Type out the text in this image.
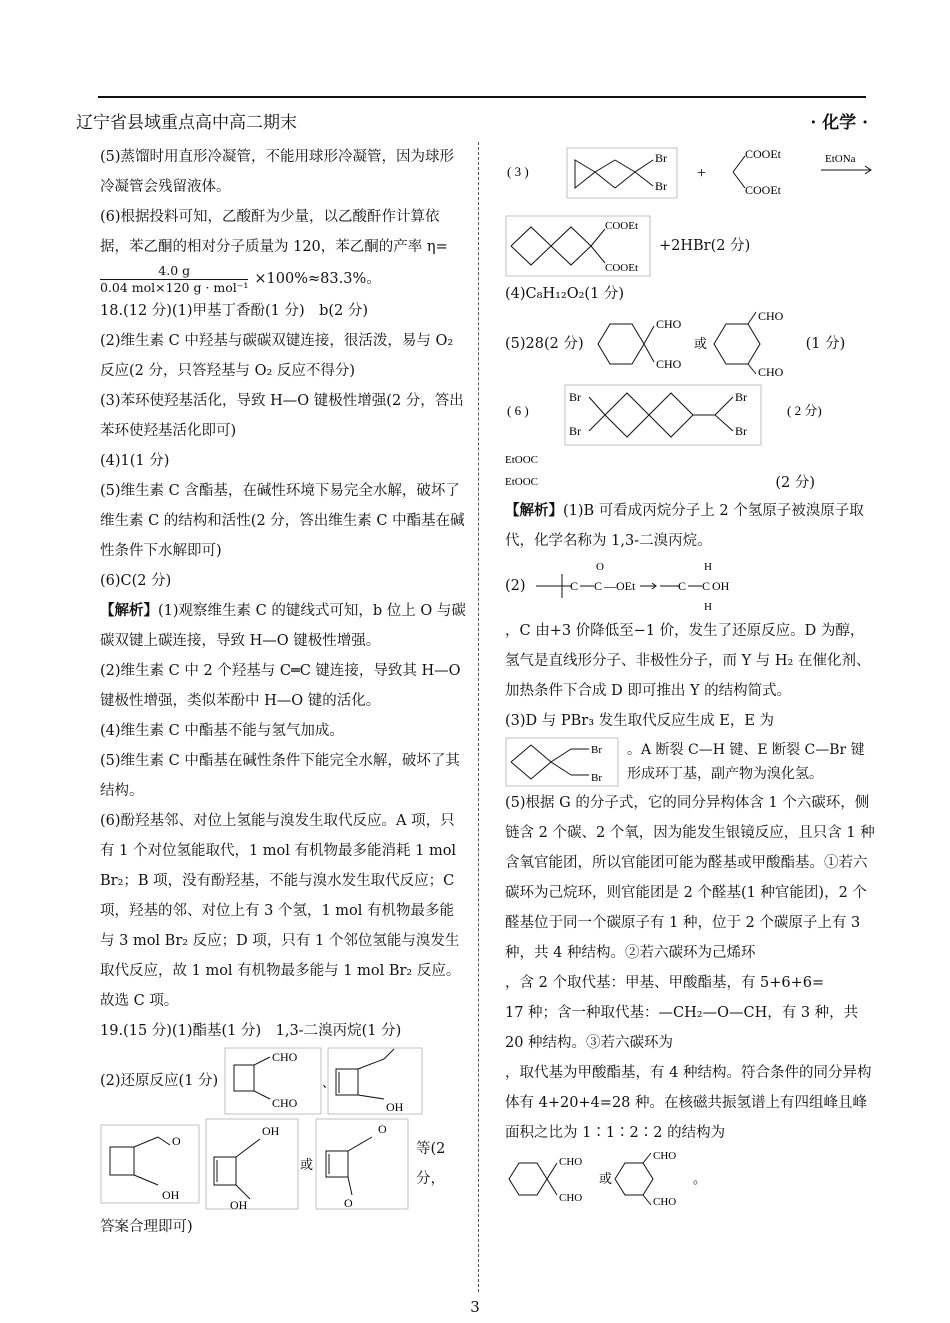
辽宁省县域重点高中高二期末	· 化学 ·

(5)蒸馏时用直形冷凝管，不能用球形冷凝管，因为球形冷凝管会残留液体。

(6)根据投料可知，乙酸酐为少量，以乙酸酐作计算依据，苯乙酮的相对分子质量为 120，苯乙酮的产率 η=

$\frac{4.0 g}{\text{0.04 mol×120 g · mol⁻¹}} \times 100\%\approx 83.3\%$。

18.(12 分)(1)甲基丁香酚(1 分)　b(2 分)

(2)维生素 C 中羟基与碳碳双键连接，很活泼，易与 O₂ 反应(2 分，只答羟基与 O₂ 反应不得分)

(3)苯环使羟基活化，导致 H—O 键极性增强(2 分，答出苯环使羟基活化即可)

(4)1(1 分)

(5)维生素 C 含酯基，在碱性环境下易完全水解，破坏了维生素 C 的结构和活性(2 分，答出维生素 C 中酯基在碱性条件下水解即可)

(6)C(2 分)

【解析】(1)观察维生素 C 的键线式可知，b 位上 O 与碳碳双键上碳连接，导致 H—O 键极性增强。

(2)维生素 C 中 2 个羟基与 C═C 键连接，导致其 H—O 键极性增强，类似苯酚中 H—O 键的活化。

(4)维生素 C 中酯基不能与氢气加成。

(5)维生素 C 中酯基在碱性条件下能完全水解，破坏了其结构。

(6)酚羟基邻、对位上氢能与溴发生取代反应。A 项，只有 1 个对位氢能取代，1 mol 有机物最多能消耗 1 mol Br₂；B 项，没有酚羟基，不能与溴水发生取代反应；C 项，羟基的邻、对位上有 3 个氢，1 mol 有机物最多能与 3 mol Br₂ 反应；D 项，只有 1 个邻位氢能与溴发生取代反应，故 1 mol 有机物最多能与 1 mol Br₂ 反应。故选 C 项。

19.(15 分)(1)酯基(1 分)　1,3-二溴丙烷(1 分)

(2)还原反应(1 分)
CHO
CHO
、
OH
O
OH
OH
OH
或
O
O
等(2 分，

答案合理即可)

( 3 )
Br
Br
+
COOEt
COOEt
EtONa
COOEt
COOEt
+2HBr(2 分)

(4)C₈H₁₂O₂(1 分)

(5)28(2 分)
CHO
CHO
或
CHO
CHO
(1 分)
( 6 )
Br
Br
Br
Br
( 2 分)
EtOOC
EtOOC	(2 分)

【解析】(1)B 可看成丙烷分子上 2 个氢原子被溴原子取代，化学名称为 1,3-二溴丙烷。

(2)	C C
O
—OEt	C C
H
H
OH

，C 由+3 价降低至−1 价，发生了还原反应。D 为醇，氢气是直线形分子、非极性分子，而 Y 与 H₂ 在催化剂、加热条件下合成 D 即可推出 Y 的结构简式。

(3)D 与 PBr₃ 发生取代反应生成 E，E 为

Br
Br
。A 断裂 C—H 键、E 断裂 C—Br 键形成环丁基，副产物为溴化氢。

(5)根据 G 的分子式，它的同分异构体含 1 个六碳环，侧链含 2 个碳、2 个氧，因为能发生银镜反应，且只含 1 种含氧官能团，所以官能团可能为醛基或甲酸酯基。①若六碳环为己烷环，则官能团是 2 个醛基(1 种官能团)，2 个醛基位于同一个碳原子有 1 种，位于 2 个碳原子上有 3 种，共 4 种结构。②若六碳环为己烯环

，含 2 个取代基：甲基、甲酸酯基，有 5+6+6=

17 种；含一种取代基：—CH₂—O—CH，有 3 种，共 20 种结构。③若六碳环为

，取代基为甲酸酯基，有 4 种结构。符合条件的同分异构体有 4+20+4=28 种。在核磁共振氢谱上有四组峰且峰面积之比为 1∶1∶2∶2 的结构为

CHO
CHO
或
CHO
CHO
。
3
